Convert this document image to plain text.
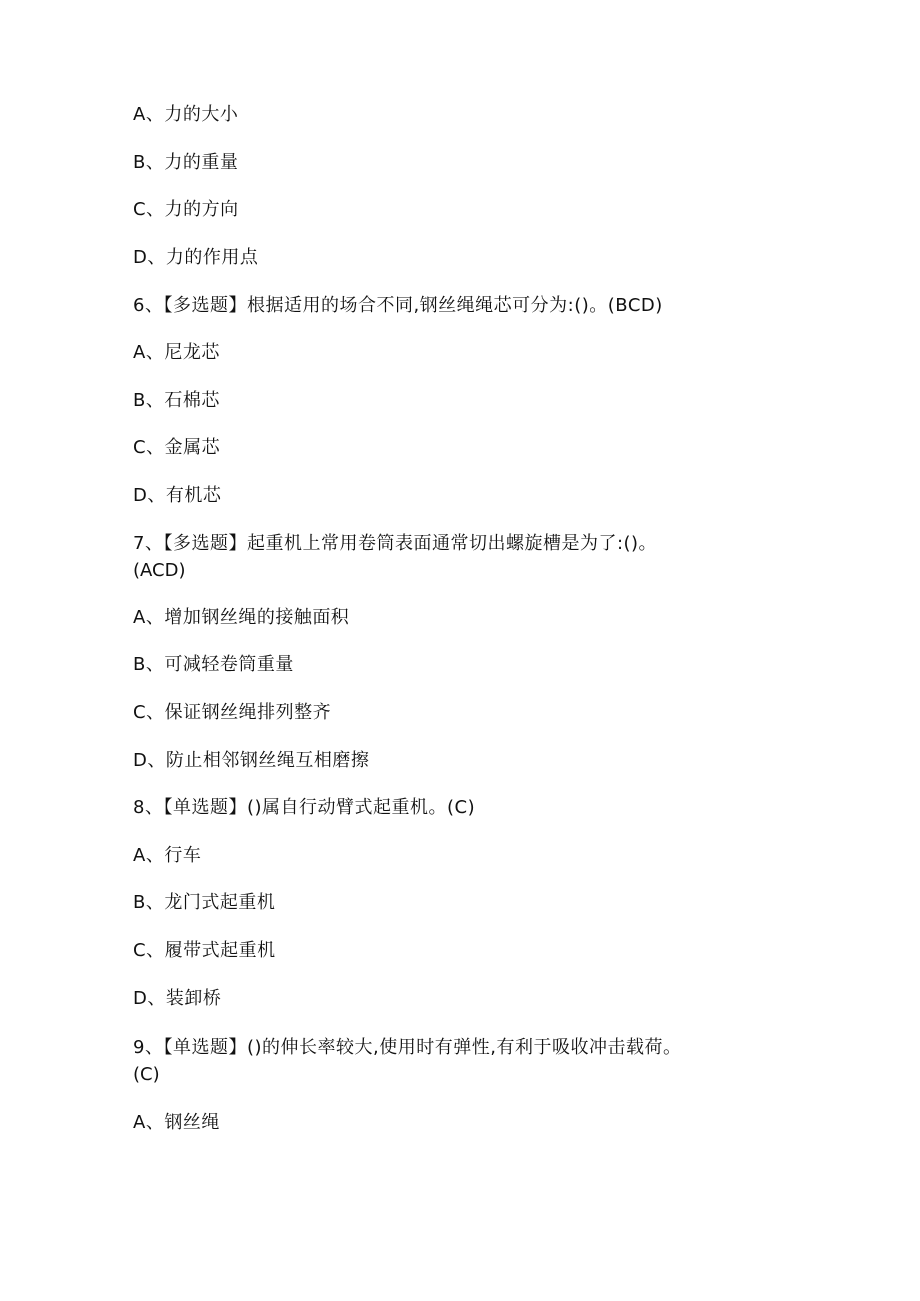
A、力的大小
B、力的重量
C、力的方向
D、力的作用点
6、【多选题】根据适用的场合不同,钢丝绳绳芯可分为:()。(BCD)
A、尼龙芯
B、石棉芯
C、金属芯
D、有机芯
7、【多选题】起重机上常用卷筒表面通常切出螺旋槽是为了:()。
(ACD)
A、增加钢丝绳的接触面积
B、可减轻卷筒重量
C、保证钢丝绳排列整齐
D、防止相邻钢丝绳互相磨擦
8、【单选题】()属自行动臂式起重机。(C)
A、行车
B、龙门式起重机
C、履带式起重机
D、装卸桥
9、【单选题】()的伸长率较大,使用时有弹性,有利于吸收冲击载荷。
(C)
A、钢丝绳
